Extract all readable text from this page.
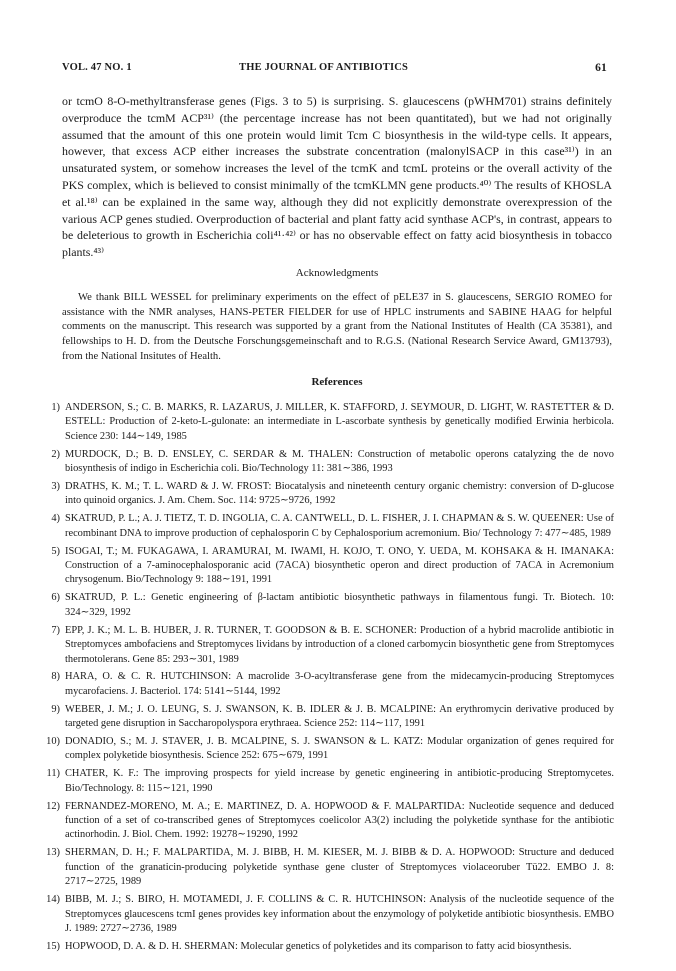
VOL. 47 NO. 1	THE JOURNAL OF ANTIBIOTICS	61

or tcmO 8-O-methyltransferase genes (Figs. 3 to 5) is surprising. S. glaucescens (pWHM701) strains definitely overproduce the tcmM ACP³¹⁾ (the percentage increase has not been quantitated), but we had not originally assumed that the amount of this one protein would limit Tcm C biosynthesis in the wild-type cells. It appears, however, that excess ACP either increases the substrate concentration (malonylSACP in this case³¹⁾) in an unsaturated system, or somehow increases the level of the tcmK and tcmL proteins or the overall activity of the PKS complex, which is believed to consist minimally of the tcmKLMN gene products.⁴⁰⁾ The results of KHOSLA et al.¹⁸⁾ can be explained in the same way, although they did not explicitly demonstrate overexpression of the various ACP genes studied. Overproduction of bacterial and plant fatty acid synthase ACP's, in contrast, appears to be deleterious to growth in Escherichia coli⁴¹·⁴²⁾ or has no observable effect on fatty acid biosynthesis in tobacco plants.⁴³⁾

Acknowledgments

We thank BILL WESSEL for preliminary experiments on the effect of pELE37 in S. glaucescens, SERGIO ROMEO for assistance with the NMR analyses, HANS-PETER FIELDER for use of HPLC instruments and SABINE HAAG for helpful comments on the manuscript. This research was supported by a grant from the National Institutes of Health (CA 35381), and fellowships to H. D. from the Deutsche Forschungsgemeinschaft and to R.G.S. (National Research Service Award, GM13793), from the National Insitutes of Health.

References
1) ANDERSON, S.; C. B. MARKS, R. LAZARUS, J. MILLER, K. STAFFORD, J. SEYMOUR, D. LIGHT, W. RASTETTER & D. ESTELL: Production of 2-keto-L-gulonate: an intermediate in L-ascorbate synthesis by genetically modified Erwinia herbicola. Science 230: 144∼149, 1985
2) MURDOCK, D.; B. D. ENSLEY, C. SERDAR & M. THALEN: Construction of metabolic operons catalyzing the de novo biosynthesis of indigo in Escherichia coli. Bio/Technology 11: 381∼386, 1993
3) DRATHS, K. M.; T. L. WARD & J. W. FROST: Biocatalysis and nineteenth century organic chemistry: conversion of D-glucose into quinoid organics. J. Am. Chem. Soc. 114: 9725∼9726, 1992
4) SKATRUD, P. L.; A. J. TIETZ, T. D. INGOLIA, C. A. CANTWELL, D. L. FISHER, J. I. CHAPMAN & S. W. QUEENER: Use of recombinant DNA to improve production of cephalosporin C by Cephalosporium acremonium. Bio/ Technology 7: 477∼485, 1989
5) ISOGAI, T.; M. FUKAGAWA, I. ARAMURAI, M. IWAMI, H. KOJO, T. ONO, Y. UEDA, M. KOHSAKA & H. IMANAKA: Construction of a 7-aminocephalosporanic acid (7ACA) biosynthetic operon and direct production of 7ACA in Acremonium chrysogenum. Bio/Technology 9: 188∼191, 1991
6) SKATRUD, P. L.: Genetic engineering of β-lactam antibiotic biosynthetic pathways in filamentous fungi. Tr. Biotech. 10: 324∼329, 1992
7) EPP, J. K.; M. L. B. HUBER, J. R. TURNER, T. GOODSON & B. E. SCHONER: Production of a hybrid macrolide antibiotic in Streptomyces ambofaciens and Streptomyces lividans by introduction of a cloned carbomycin biosynthetic gene from Streptomyces thermotolerans. Gene 85: 293∼301, 1989
8) HARA, O. & C. R. HUTCHINSON: A macrolide 3-O-acyltransferase gene from the midecamycin-producing Streptomyces mycarofaciens. J. Bacteriol. 174: 5141∼5144, 1992
9) WEBER, J. M.; J. O. LEUNG, S. J. SWANSON, K. B. IDLER & J. B. MCALPINE: An erythromycin derivative produced by targeted gene disruption in Saccharopolyspora erythraea. Science 252: 114∼117, 1991
10) DONADIO, S.; M. J. STAVER, J. B. MCALPINE, S. J. SWANSON & L. KATZ: Modular organization of genes required for complex polyketide biosynthesis. Science 252: 675∼679, 1991
11) CHATER, K. F.: The improving prospects for yield increase by genetic engineering in antibiotic-producing Streptomycetes. Bio/Technology. 8: 115∼121, 1990
12) FERNANDEZ-MORENO, M. A.; E. MARTINEZ, D. A. HOPWOOD & F. MALPARTIDA: Nucleotide sequence and deduced function of a set of co-transcribed genes of Streptomyces coelicolor A3(2) including the polyketide synthase for the antibiotic actinorhodin. J. Biol. Chem. 1992: 19278∼19290, 1992
13) SHERMAN, D. H.; F. MALPARTIDA, M. J. BIBB, H. M. KIESER, M. J. BIBB & D. A. HOPWOOD: Structure and deduced function of the granaticin-producing polyketide synthase gene cluster of Streptomyces violaceoruber Tü22. EMBO J. 8: 2717∼2725, 1989
14) BIBB, M. J.; S. BIRO, H. MOTAMEDI, J. F. COLLINS & C. R. HUTCHINSON: Analysis of the nucleotide sequence of the Streptomyces glaucescens tcmI genes provides key information about the enzymology of polyketide antibiotic biosynthesis. EMBO J. 1989: 2727∼2736, 1989
15) HOPWOOD, D. A. & D. H. SHERMAN: Molecular genetics of polyketides and its comparison to fatty acid biosynthesis.
